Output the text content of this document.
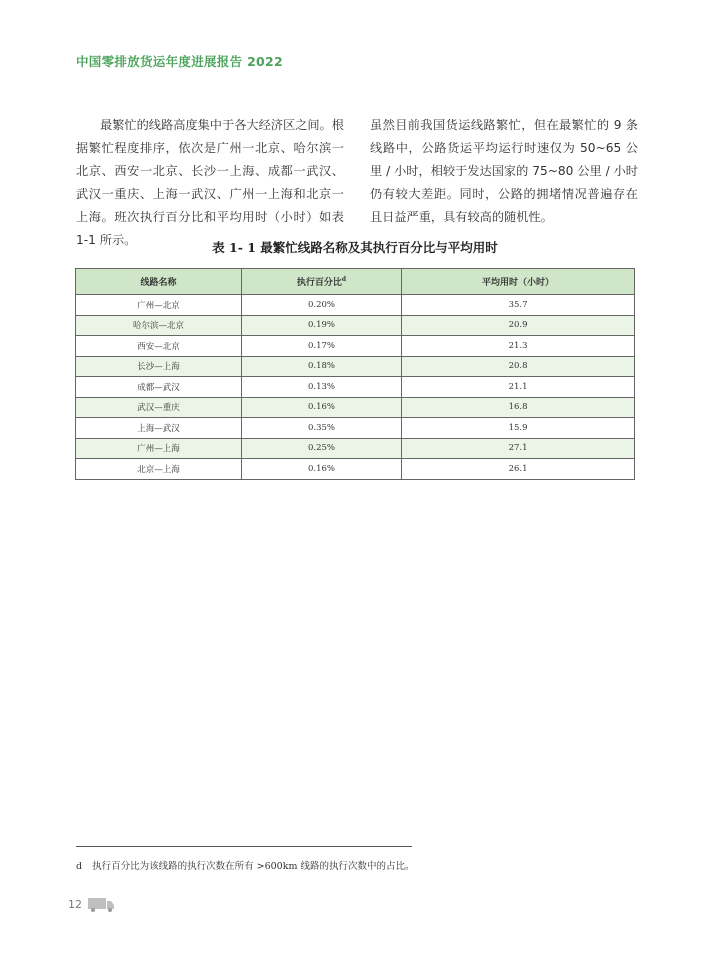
中国零排放货运年度进展报告 2022
最繁忙的线路高度集中于各大经济区之间。根据繁忙程度排序，依次是广州一北京、哈尔滨一北京、西安一北京、长沙一上海、成都一武汉、武汉一重庆、上海一武汉、广州一上海和北京一上海。班次执行百分比和平均用时（小时）如表 1-1 所示。
虽然目前我国货运线路繁忙，但在最繁忙的 9 条线路中，公路货运平均运行时速仅为 50~65 公里 / 小时，相较于发达国家的 75~80 公里 / 小时仍有较大差距。同时，公路的拥堵情况普遍存在且日益严重，具有较高的随机性。
表 1- 1 最繁忙线路名称及其执行百分比与平均用时
线路名称	执行百分比$^d$	平均用时（小时）
广州—北京	0.20%	35.7
哈尔滨—北京	0.19%	20.9
西安—北京	0.17%	21.3
长沙—上海	0.18%	20.8
成都—武汉	0.13%	21.1
武汉—重庆	0.16%	16.8
上海—武汉	0.35%	15.9
广州—上海	0.25%	27.1
北京—上海	0.16%	26.1
d 执行百分比为该线路的执行次数在所有 >600km 线路的执行次数中的占比。
12
